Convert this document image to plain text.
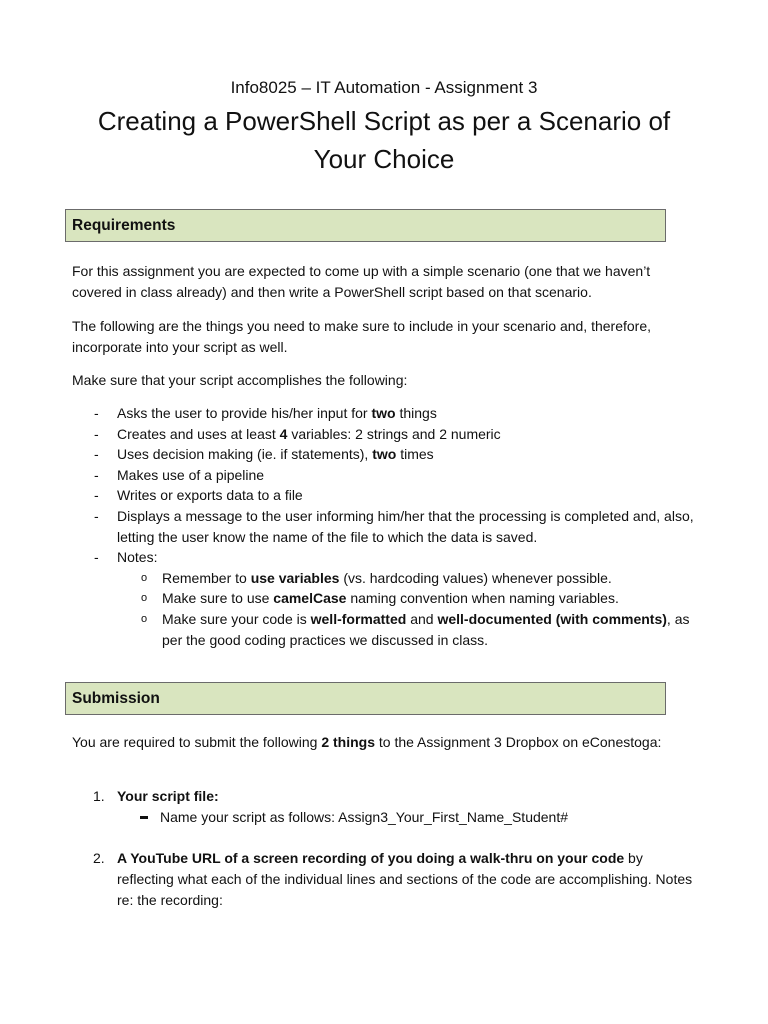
Info8025 – IT Automation - Assignment 3
Creating a PowerShell Script as per a Scenario of
Your Choice
Requirements

For this assignment you are expected to come up with a simple scenario (one that we haven’t covered in class already) and then write a PowerShell script based on that scenario.

The following are the things you need to make sure to include in your scenario and, therefore, incorporate into your script as well.

Make sure that your script accomplishes the following:

- Asks the user to provide his/her input for two things
- Creates and uses at least 4 variables: 2 strings and 2 numeric
- Uses decision making (ie. if statements), two times
- Makes use of a pipeline
- Writes or exports data to a file
- Displays a message to the user informing him/her that the processing is completed and, also, letting the user know the name of the file to which the data is saved.
- Notes:
o Remember to use variables (vs. hardcoding values) whenever possible.
o Make sure to use camelCase naming convention when naming variables.
o Make sure your code is well-formatted and well-documented (with comments), as per the good coding practices we discussed in class.
Submission

You are required to submit the following 2 things to the Assignment 3 Dropbox on eConestoga:

1. Your script file:
Name your script as follows: Assign3_Your_First_Name_Student#
2. A YouTube URL of a screen recording of you doing a walk-thru on your code by reflecting what each of the individual lines and sections of the code are accomplishing. Notes re: the recording:
